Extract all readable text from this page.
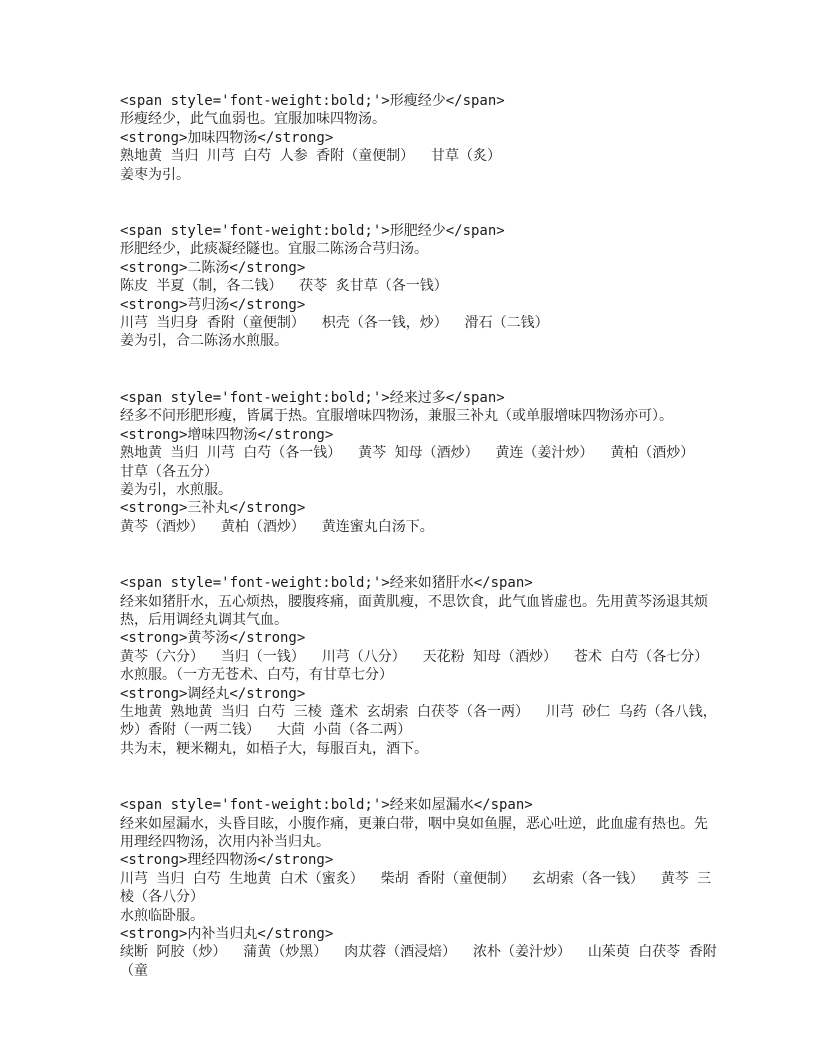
<span style='font-weight:bold;'>形瘦经少</span>

形瘦经少，此气血弱也。宜服加味四物汤。

<strong>加味四物汤</strong>

熟地黄 当归 川芎 白芍 人参 香附（童便制）  甘草（炙）

姜枣为引。

<span style='font-weight:bold;'>形肥经少</span>

形肥经少，此痰凝经隧也。宜服二陈汤合芎归汤。

<strong>二陈汤</strong>

陈皮 半夏（制，各二钱）  茯苓 炙甘草（各一钱）

<strong>芎归汤</strong>

川芎 当归身 香附（童便制）  枳壳（各一钱，炒）  滑石（二钱）

姜为引，合二陈汤水煎服。

<span style='font-weight:bold;'>经来过多</span>

经多不问形肥形瘦，皆属于热。宜服增味四物汤，兼服三补丸（或单服增味四物汤亦可）。

<strong>增味四物汤</strong>

熟地黄 当归 川芎 白芍（各一钱）  黄芩 知母（酒炒）  黄连（姜汁炒）  黄柏（酒炒）  甘草（各五分）

姜为引，水煎服。

<strong>三补丸</strong>

黄芩（酒炒）  黄柏（酒炒）  黄连蜜丸白汤下。

<span style='font-weight:bold;'>经来如猪肝水</span>

经来如猪肝水，五心烦热，腰腹疼痛，面黄肌瘦，不思饮食，此气血皆虚也。先用黄芩汤退其烦热，后用调经丸调其气血。

<strong>黄芩汤</strong>

黄芩（六分）  当归（一钱）  川芎（八分）  天花粉 知母（酒炒）  苍术 白芍（各七分）

水煎服。（一方无苍术、白芍，有甘草七分）

<strong>调经丸</strong>

生地黄 熟地黄 当归 白芍 三棱 蓬术 玄胡索 白茯苓（各一两）  川芎 砂仁 乌药（各八钱，炒）香附（一两二钱）  大茴 小茴（各二两）

共为末，粳米糊丸，如梧子大，每服百丸，酒下。

<span style='font-weight:bold;'>经来如屋漏水</span>

经来如屋漏水，头昏目眩，小腹作痛，更兼白带，咽中臭如鱼腥，恶心吐逆，此血虚有热也。先用理经四物汤，次用内补当归丸。

<strong>理经四物汤</strong>

川芎 当归 白芍 生地黄 白术（蜜炙）  柴胡 香附（童便制）  玄胡索（各一钱）  黄芩 三棱（各八分）

水煎临卧服。

<strong>内补当归丸</strong>

续断 阿胶（炒）  蒲黄（炒黑）  肉苁蓉（酒浸焙）  浓朴（姜汁炒）  山茱萸 白茯苓 香附（童
